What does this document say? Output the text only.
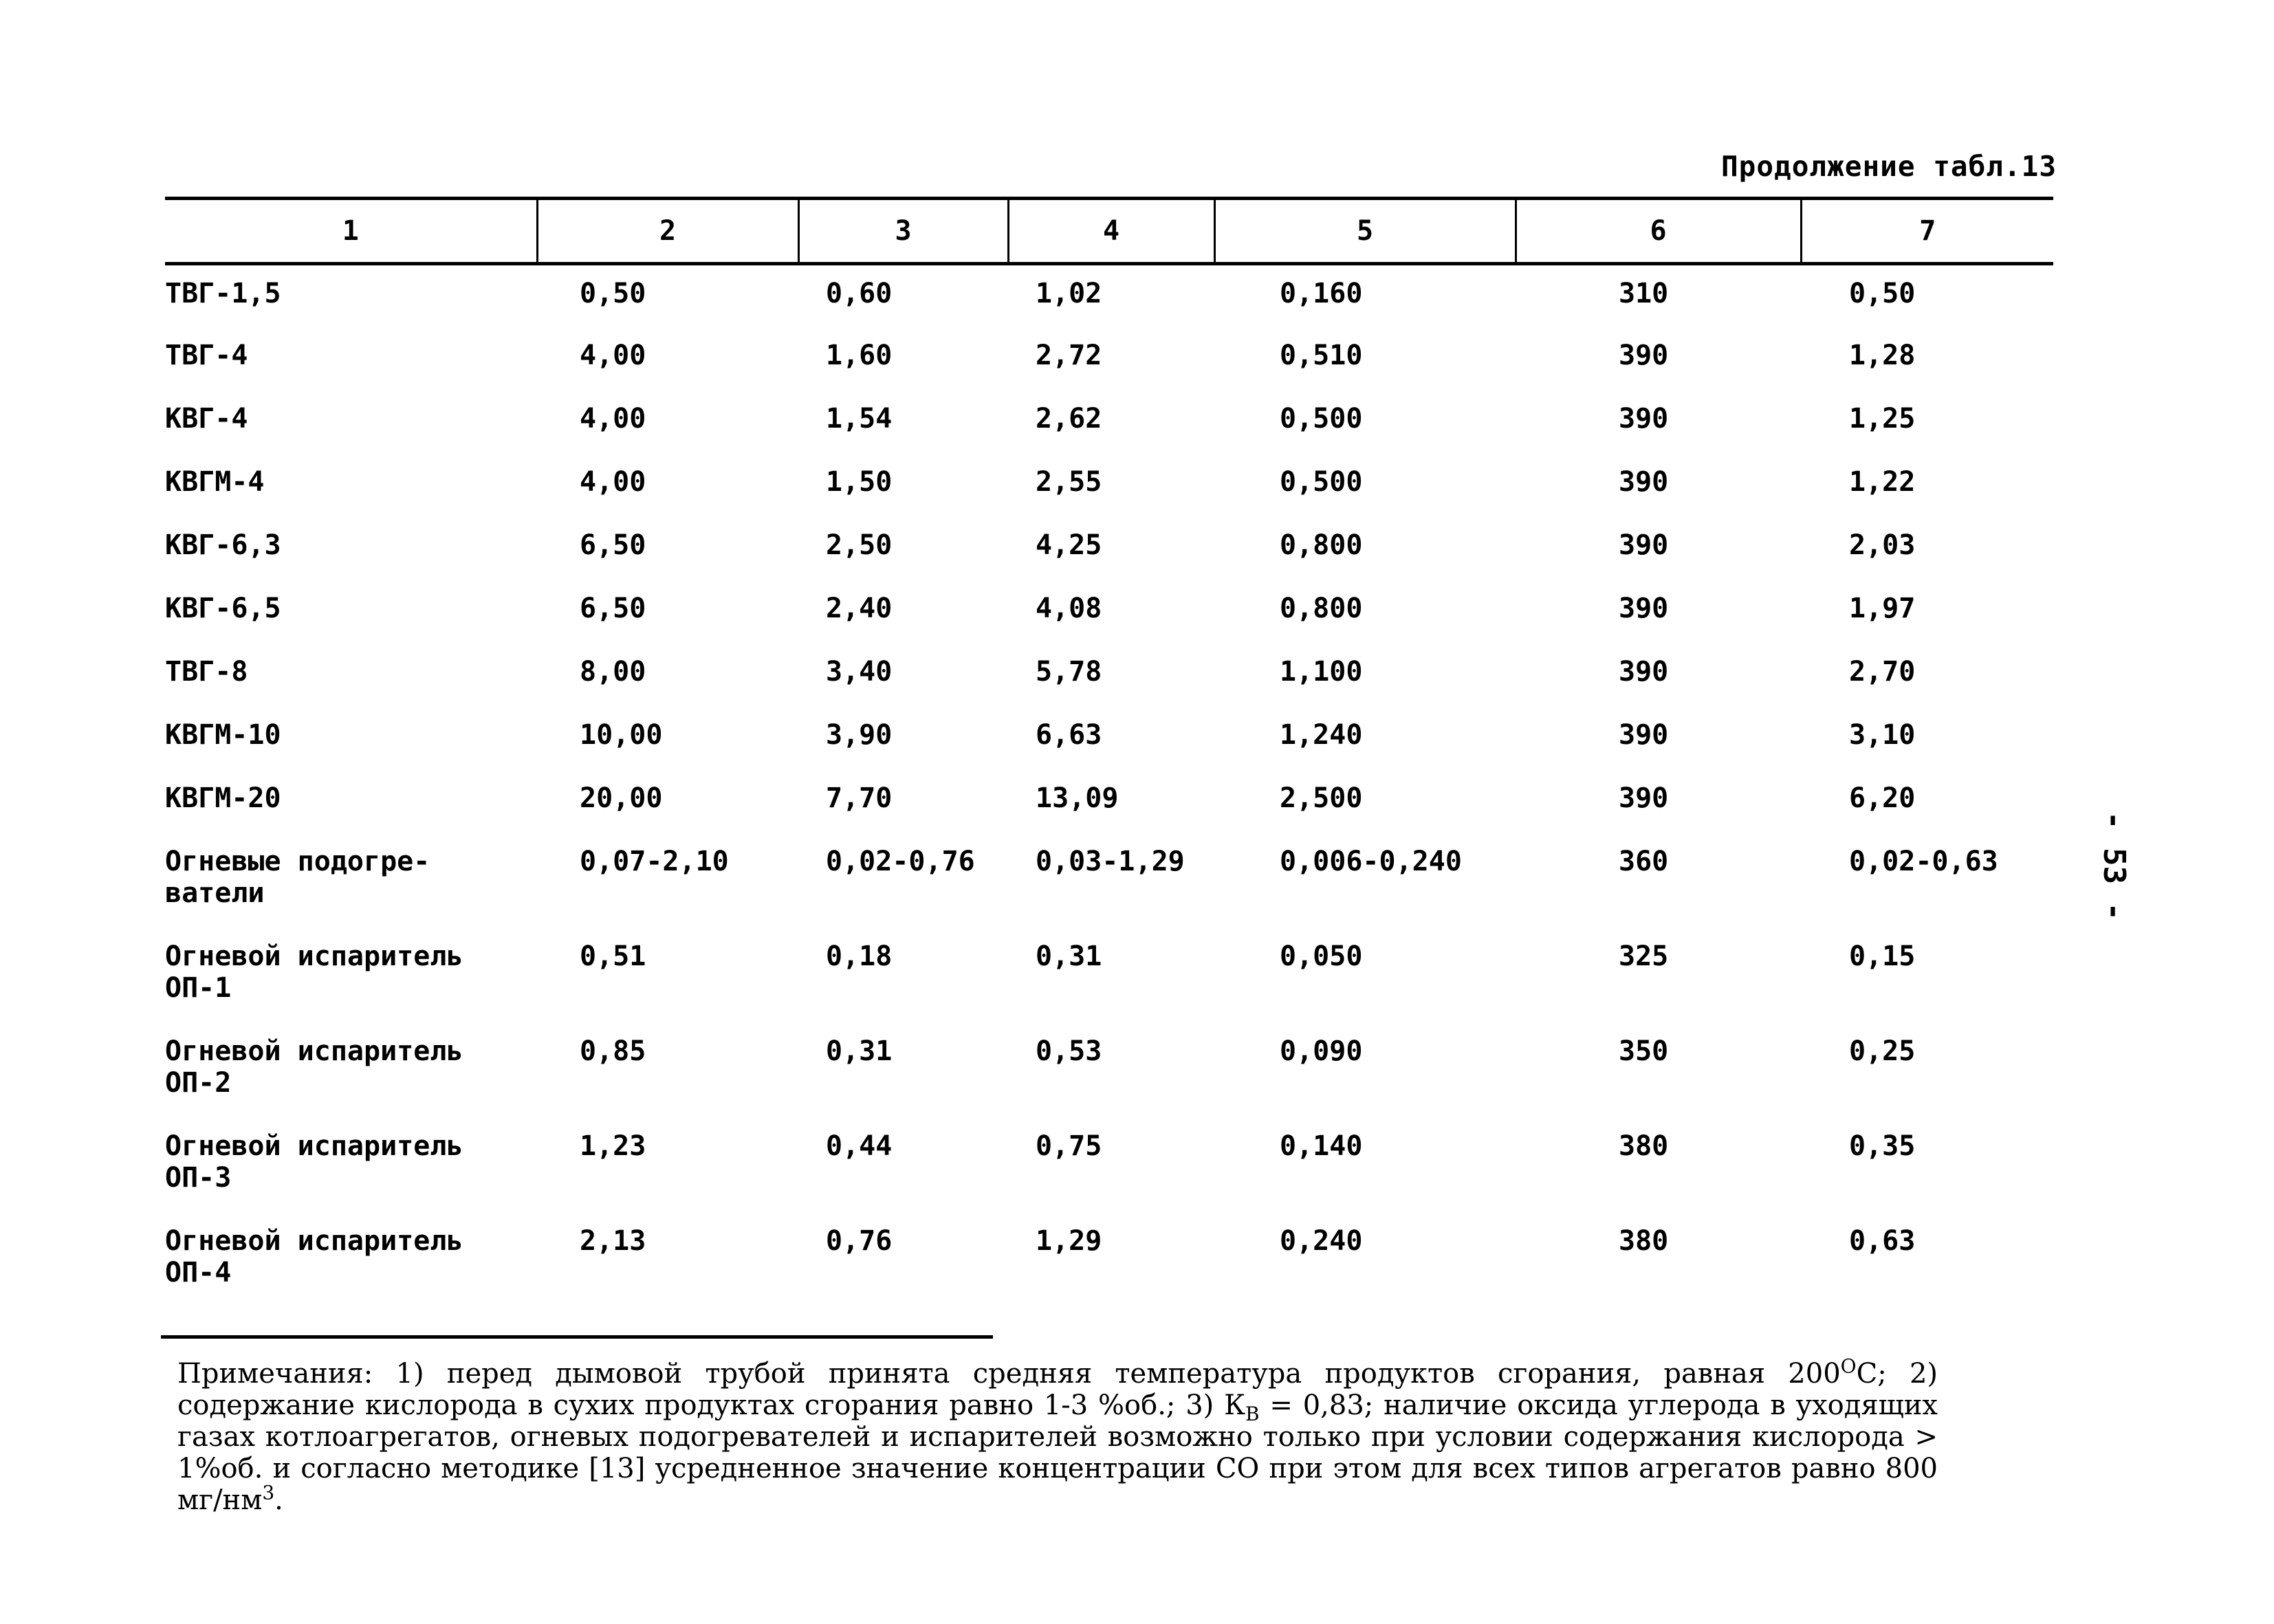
Продолжение табл.13
1	2	3	4	5	6	7

ТВГ-1,5	0,50	0,60	1,02	0,160	310	0,50

ТВГ-4	4,00	1,60	2,72	0,510	390	1,28

КВГ-4	4,00	1,54	2,62	0,500	390	1,25

КВГМ-4	4,00	1,50	2,55	0,500	390	1,22

КВГ-6,3	6,50	2,50	4,25	0,800	390	2,03

КВГ-6,5	6,50	2,40	4,08	0,800	390	1,97

ТВГ-8	8,00	3,40	5,78	1,100	390	2,70

КВГМ-10	10,00	3,90	6,63	1,240	390	3,10

КВГМ-20	20,00	7,70	13,09	2,500	390	6,20

Огневые подогре-
ватели	0,07-2,10	0,02-0,76	0,03-1,29	0,006-0,240	360	0,02-0,63

Огневой испаритель
ОП-1	0,51	0,18	0,31	0,050	325	0,15

Огневой испаритель
ОП-2	0,85	0,31	0,53	0,090	350	0,25

Огневой испаритель
ОП-3	1,23	0,44	0,75	0,140	380	0,35

Огневой испаритель
ОП-4	2,13	0,76	1,29	0,240	380	0,63
Примечания: 1) перед дымовой трубой принята средняя температура продуктов сгорания, равная $200^ОС$; 2) содержание кислорода в сухих продуктах сгорания равно 1-3 %об.; 3) $К_В = 0,83$; наличие оксида углерода в уходящих газах котлоагрегатов, огневых подогревателей и испарителей возможно только при условии содержания кислорода > 1%об. и согласно методике [13] усредненное значение концентрации СО при этом для всех типов агрегатов равно 800 $мг/нм^3$.
- 53 -
